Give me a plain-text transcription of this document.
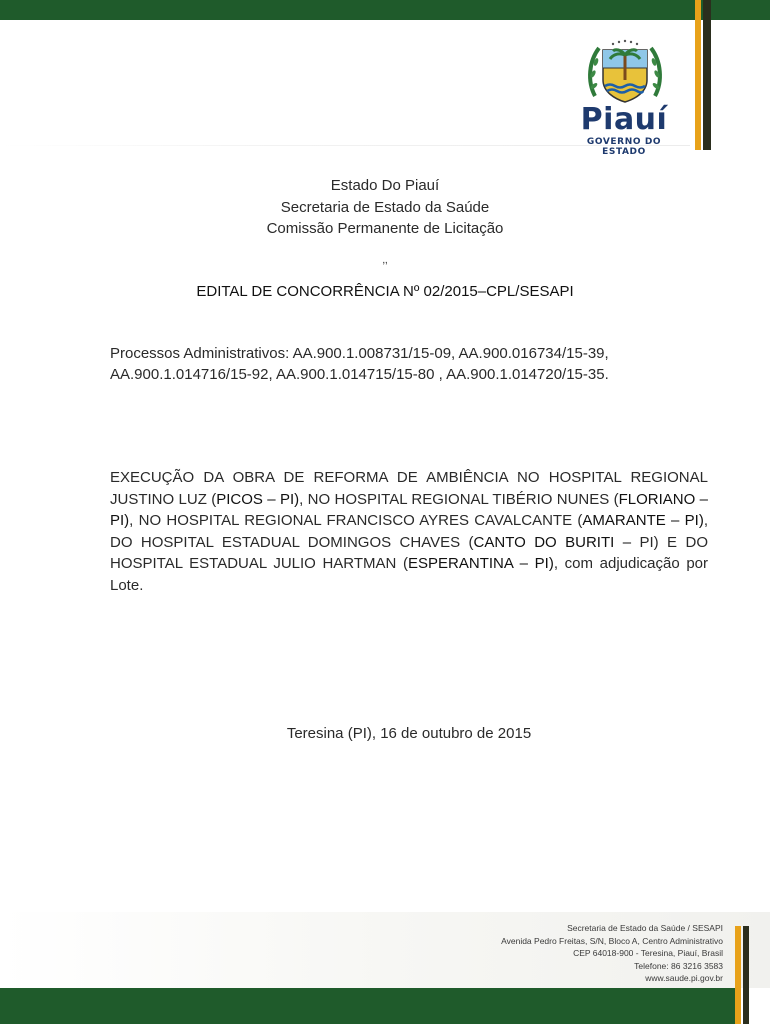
Piauí
GOVERNO DO ESTADO
Estado Do Piauí
Secretaria de Estado da Saúde
Comissão Permanente de Licitação
‚‚
EDITAL DE CONCORRÊNCIA Nº 02/2015–CPL/SESAPI
Processos Administrativos: AA.900.1.008731/15-09, AA.900.016734/15-39,
AA.900.1.014716/15-92, AA.900.1.014715/15-80 , AA.900.1.014720/15-35.
EXECUÇÃO DA OBRA DE REFORMA DE AMBIÊNCIA NO HOSPITAL REGIONAL JUSTINO LUZ (PICOS – PI), NO HOSPITAL REGIONAL TIBÉRIO NUNES (FLORIANO – PI), NO HOSPITAL REGIONAL FRANCISCO AYRES CAVALCANTE (AMARANTE – PI), DO HOSPITAL ESTADUAL DOMINGOS CHAVES (CANTO DO BURITI – PI) E DO HOSPITAL ESTADUAL JULIO HARTMAN (ESPERANTINA – PI), com adjudicação por Lote.
Teresina (PI), 16 de outubro de 2015
Secretaria de Estado da Saúde / SESAPI
Avenida Pedro Freitas, S/N, Bloco A, Centro Administrativo
CEP 64018-900 - Teresina, Piauí, Brasil
Telefone: 86 3216 3583
www.saude.pi.gov.br
